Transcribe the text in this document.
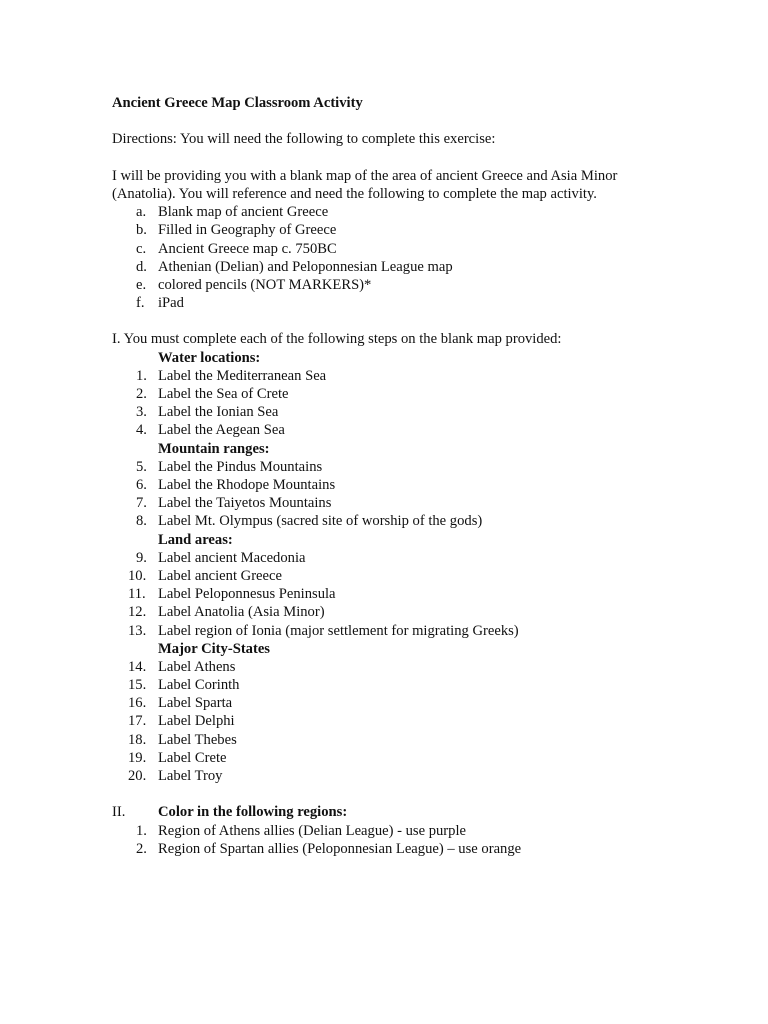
Ancient Greece Map Classroom Activity

Directions: You will need the following to complete this exercise:

I will be providing you with a blank map of the area of ancient Greece and Asia Minor (Anatolia). You will reference and need the following to complete the map activity.

a. Blank map of ancient Greece
b. Filled in Geography of Greece
c. Ancient Greece map c. 750BC
d. Athenian (Delian) and Peloponnesian League map
e. colored pencils (NOT MARKERS)*
f. iPad

I. You must complete each of the following steps on the blank map provided:

Water locations:
1. Label the Mediterranean Sea
2. Label the Sea of Crete
3. Label the Ionian Sea
4. Label the Aegean Sea
Mountain ranges:
5. Label the Pindus Mountains
6. Label the Rhodope Mountains
7. Label the Taiyetos Mountains
8. Label Mt. Olympus (sacred site of worship of the gods)
Land areas:
9. Label ancient Macedonia
10. Label ancient Greece
11. Label Peloponnesus Peninsula
12. Label Anatolia (Asia Minor)
13. Label region of Ionia (major settlement for migrating Greeks)
Major City-States
14. Label Athens
15. Label Corinth
16. Label Sparta
17. Label Delphi
18. Label Thebes
19. Label Crete
20. Label Troy
II.	Color in the following regions:
1. Region of Athens allies (Delian League) - use purple
2. Region of Spartan allies (Peloponnesian League) – use orange
